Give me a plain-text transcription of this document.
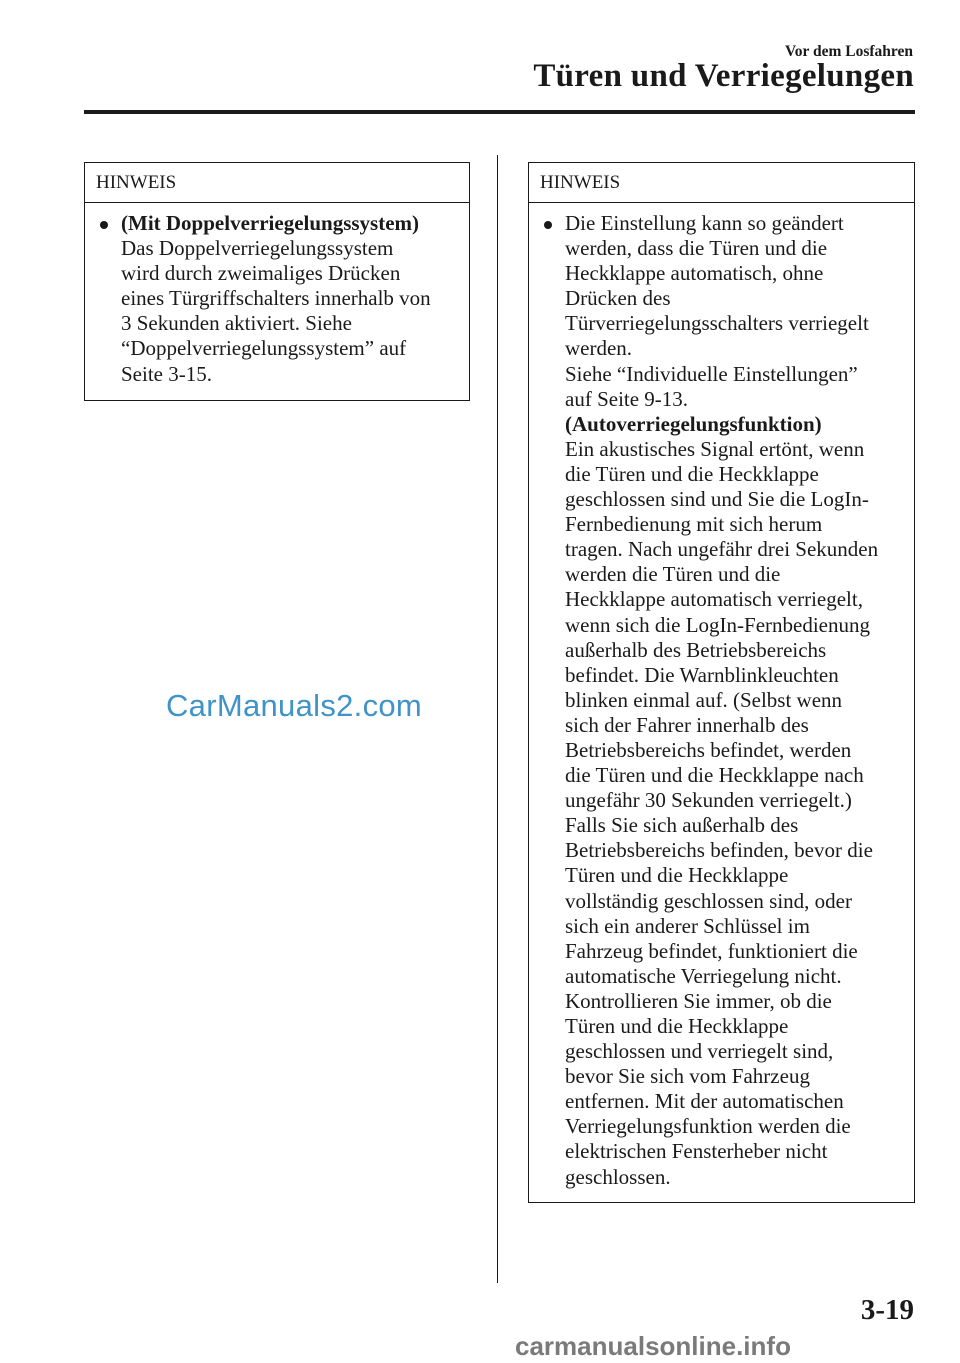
Vor dem Losfahren
Türen und Verriegelungen
HINWEIS
(Mit Doppelverriegelungssystem)
Das Doppelverriegelungssystem
wird durch zweimaliges Drücken
eines Türgriffschalters innerhalb von
3 Sekunden aktiviert. Siehe
“Doppelverriegelungssystem” auf
Seite 3-15.
HINWEIS
Die Einstellung kann so geändert
werden, dass die Türen und die
Heckklappe automatisch, ohne
Drücken des
Türverriegelungsschalters verriegelt
werden.
Siehe “Individuelle Einstellungen”
auf Seite 9-13.
(Autoverriegelungsfunktion)
Ein akustisches Signal ertönt, wenn
die Türen und die Heckklappe
geschlossen sind und Sie die LogIn-
Fernbedienung mit sich herum
tragen. Nach ungefähr drei Sekunden
werden die Türen und die
Heckklappe automatisch verriegelt,
wenn sich die LogIn-Fernbedienung
außerhalb des Betriebsbereichs
befindet. Die Warnblinkleuchten
blinken einmal auf. (Selbst wenn
sich der Fahrer innerhalb des
Betriebsbereichs befindet, werden
die Türen und die Heckklappe nach
ungefähr 30 Sekunden verriegelt.)
Falls Sie sich außerhalb des
Betriebsbereichs befinden, bevor die
Türen und die Heckklappe
vollständig geschlossen sind, oder
sich ein anderer Schlüssel im
Fahrzeug befindet, funktioniert die
automatische Verriegelung nicht.
Kontrollieren Sie immer, ob die
Türen und die Heckklappe
geschlossen und verriegelt sind,
bevor Sie sich vom Fahrzeug
entfernen. Mit der automatischen
Verriegelungsfunktion werden die
elektrischen Fensterheber nicht
geschlossen.
CarManuals2.com
3-19
carmanualsonline.info
